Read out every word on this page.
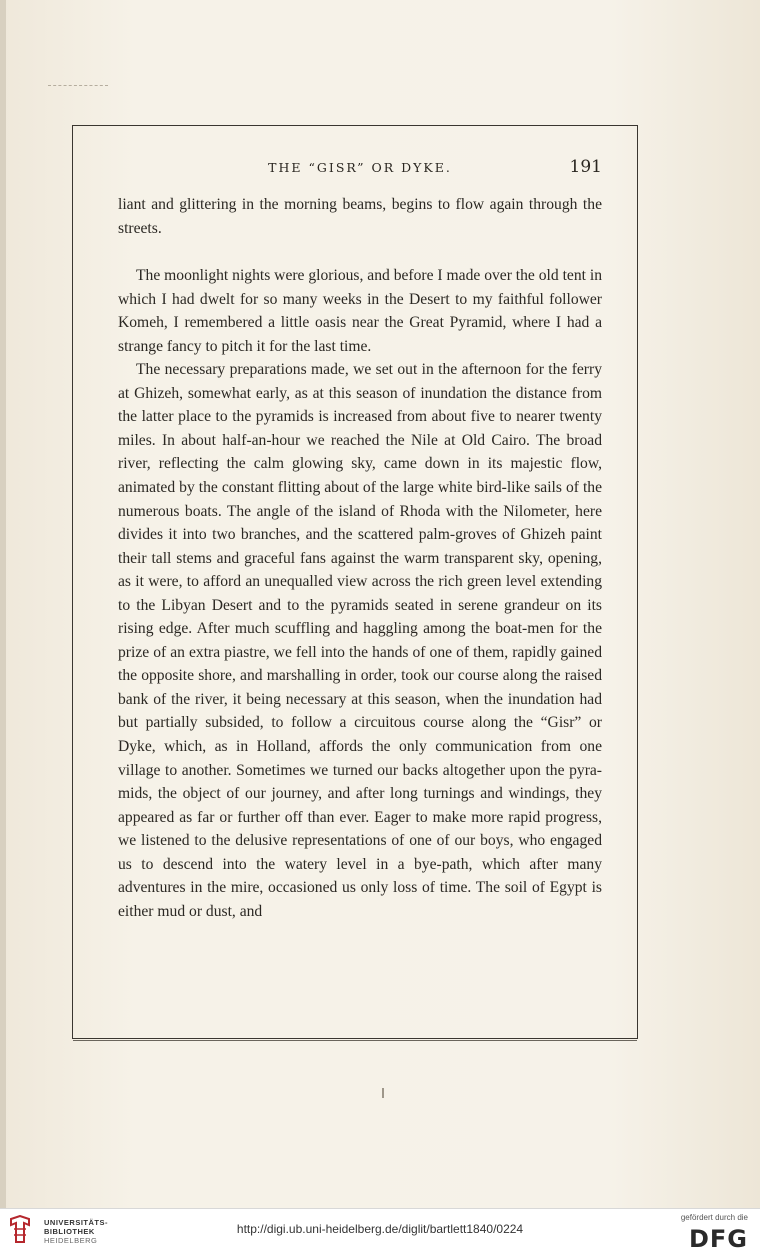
THE “GISR” OR DYKE.	191

liant and glittering in the morning beams, begins to flow again through the streets.

The moonlight nights were glorious, and before I made over the old tent in which I had dwelt for so many weeks in the Desert to my faithful follower Komeh, I remembered a little oasis near the Great Pyramid, where I had a strange fancy to pitch it for the last time.

The necessary preparations made, we set out in the afternoon for the ferry at Ghizeh, somewhat early, as at this season of inundation the distance from the latter place to the pyramids is increased from about five to nearer twenty miles. In about half-an-hour we reached the Nile at Old Cairo. The broad river, reflecting the calm glowing sky, came down in its majestic flow, animated by the constant flitting about of the large white bird-like sails of the numerous boats. The angle of the island of Rhoda with the Nilometer, here divides it into two branches, and the scattered palm-groves of Ghizeh paint their tall stems and graceful fans against the warm transparent sky, opening, as it were, to afford an unequalled view across the rich green level extending to the Libyan Desert and to the pyramids seated in serene grandeur on its rising edge. After much scuffling and haggling among the boat-men for the prize of an extra piastre, we fell into the hands of one of them, rapidly gained the opposite shore, and marshalling in order, took our course along the raised bank of the river, it being necessary at this season, when the inundation had but partially subsided, to follow a circuitous course along the “Gisr” or Dyke, which, as in Holland, affords the only communication from one village to another. Sometimes we turned our backs altogether upon the pyra-mids, the object of our journey, and after long turnings and windings, they appeared as far or further off than ever. Eager to make more rapid progress, we listened to the delusive representations of one of our boys, who engaged us to descend into the watery level in a bye-path, which after many adventures in the mire, occasioned us only loss of time. The soil of Egypt is either mud or dust, and

UNIVERSITÄTS-
BIBLIOTHEK
HEIDELBERG
http://digi.ub.uni-heidelberg.de/diglit/bartlett1840/0224
gefördert durch die
DFG
